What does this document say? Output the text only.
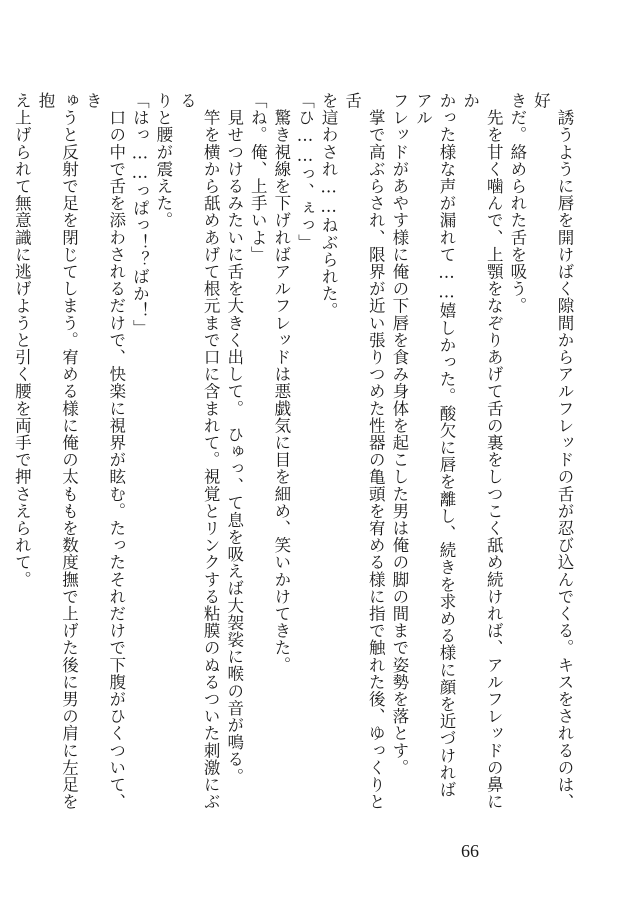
　誘うように唇を開けばく隙間からアルフレッドの舌が忍び込んでくる。キスをされるのは、好

きだ。絡められた舌を吸う。

　先を甘く噛んで、上顎をなぞりあげて舌の裏をしつこく舐め続ければ、アルフレッドの鼻にか

かった様な声が漏れて……嬉しかった。酸欠に唇を離し、続きを求める様に顔を近づければアル

フレッドがあやす様に俺の下唇を食み身体を起こした男は俺の脚の間まで姿勢を落とす。

　掌で高ぶらされ、限界が近い張りつめた性器の亀頭を宥める様に指で触れた後、ゆっくりと舌

を這わされ……ねぶられた。

「ひ……っ、ぇっ」

　驚き視線を下げればアルフレッドは悪戯気に目を細め、笑いかけてきた。

「ね。俺、上手いよ」

　見せつけるみたいに舌を大きく出して。　ひゅっ、て息を吸えば大袈裟に喉の音が鳴る。

　竿を横から舐めあげて根元まで口に含まれて。視覚とリンクする粘膜のぬるついた刺激にぶる

りと腰が震えた。

「はっ……っぱっ！？ばか！」

　口の中で舌を添わされるだけで、快楽に視界が眩む。たったそれだけで下腹がひくついて、き

ゅうと反射で足を閉じてしまう。宥める様に俺の太ももを数度撫で上げた後に男の肩に左足を抱

え上げられて無意識に逃げようと引く腰を両手で押さえられて。

66
